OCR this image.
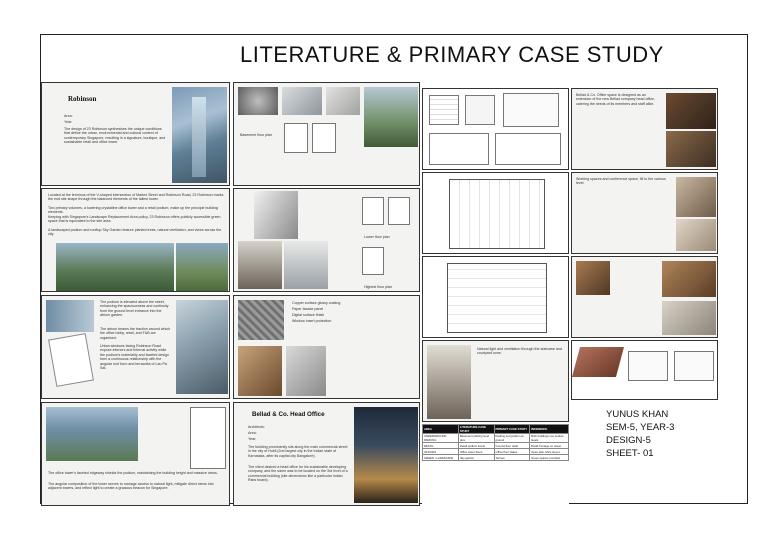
LITERATURE & PRIMARY CASE STUDY
Robinson
Area:
Year:
The design of 23 Robinson synthesises the unique conditions that define the urban, environmental and cultural context of contemporary Singapore, resulting in a signature, boutique, and sustainable retail and office tower.
Located at the terminus of the V-shaped intersection of Market Street and Robinson Road, 23 Robinson marks the end site shape through the balanced elements of the tallest tower.
Two primary volumes, a towering crystalline office tower and a retail podium, make up the principle building elements.
Keeping with Singapore's Landscape Replacement Area policy, 23 Robinson offers publicly accessible green space that is equivalent to the site area.
A landscaped podium and rooftop Sky Garden feature planted trees, natural ventilation, and views across the city.
The podium is elevated above the street, enhancing the spaciousness and continuity from the ground level entrance into the atrium garden.
The atrium beams the traction around which the office lobby, retail, and F&B are organised.
Urban windows facing Robinson Road expose interiors and internal activity while the podium's materiality and faceted design form a continuous relationship with the angular roof form and terracotta of Lau Pa Sat.
The office tower's faceted ridgeway shields the podium, maintaining the building height and massive views.
The angular composition of the tower serves to manage access to natural light, mitigate direct views into adjacent towers, and reflect light to create a gracious beacon for Singapore.
Basement floor plan
Lower floor plan
Highest floor plan
Copper surface glossy coating
Paper facade panel
Digital surface finish
Window insert protection
Bellad & Co. Head Office
Architects:
Area:
Year:
The building prominently sits along the main commercial street in the city of Hubli (2nd largest city in the Indian state of Karnataka, after its capital city Bangalore).
The client desired a head office for his sustainable developing company, and the same was to be located on the 3rd level of a commercial building (site dimensions like a particular Indian Rsbs board).
Natural light and ventilation through the staircase and courtyard zone.
AREA	LITERATURE CASE STUDY	PRIMARY CASE STUDY	INFERENCE
UNDERGROUND PARKING	Basement parking level plus	Parking and podium at ground	Both buildings use podium levels
RETAIL	Retail podium levels	Ground floor retail	Retail frontage on street
OFFICES	Office tower floors	Office floor plates	Open plan office layout
GREEN / LANDSCAPE	Sky garden	Terrace	Green spaces provided
Bellad & Co. Office space is designed as an extension of the new Bellad company head office, catering the needs of its members and staff alike.
Working spaces and conference space, fill to the various level.
YUNUS KHAN
SEM-5, YEAR-3
DESIGN-5
SHEET- 01
